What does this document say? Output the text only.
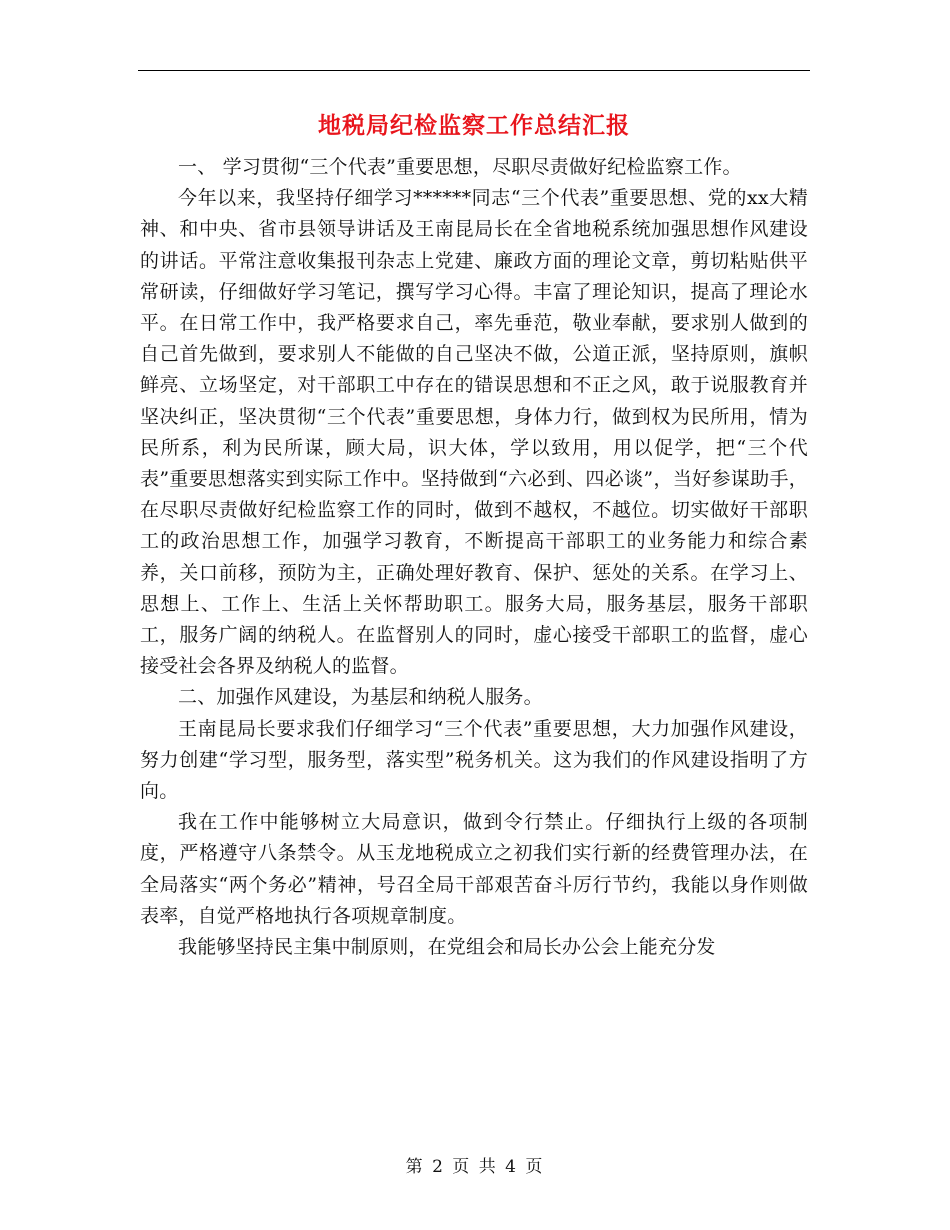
地税局纪检监察工作总结汇报

一、 学习贯彻“三个代表”重要思想，尽职尽责做好纪检监察工作。

今年以来，我坚持仔细学习******同志“三个代表”重要思想、党的xx大精神、和中央、省市县领导讲话及王南昆局长在全省地税系统加强思想作风建设的讲话。平常注意收集报刊杂志上党建、廉政方面的理论文章，剪切粘贴供平常研读，仔细做好学习笔记，撰写学习心得。丰富了理论知识，提高了理论水平。在日常工作中，我严格要求自己，率先垂范，敬业奉献，要求别人做到的自己首先做到，要求别人不能做的自己坚决不做，公道正派，坚持原则，旗帜鲜亮、立场坚定，对干部职工中存在的错误思想和不正之风，敢于说服教育并坚决纠正，坚决贯彻“三个代表”重要思想，身体力行，做到权为民所用，情为民所系，利为民所谋，顾大局，识大体，学以致用，用以促学，把“三个代表”重要思想落实到实际工作中。坚持做到“六必到、四必谈”，当好参谋助手，在尽职尽责做好纪检监察工作的同时，做到不越权，不越位。切实做好干部职工的政治思想工作，加强学习教育，不断提高干部职工的业务能力和综合素养，关口前移，预防为主，正确处理好教育、保护、惩处的关系。在学习上、思想上、工作上、生活上关怀帮助职工。服务大局，服务基层，服务干部职工，服务广阔的纳税人。在监督别人的同时，虚心接受干部职工的监督，虚心接受社会各界及纳税人的监督。

二、加强作风建设，为基层和纳税人服务。

王南昆局长要求我们仔细学习“三个代表”重要思想，大力加强作风建设，努力创建“学习型，服务型，落实型”税务机关。这为我们的作风建设指明了方向。

我在工作中能够树立大局意识，做到令行禁止。仔细执行上级的各项制度，严格遵守八条禁令。从玉龙地税成立之初我们实行新的经费管理办法，在全局落实“两个务必”精神，号召全局干部艰苦奋斗厉行节约，我能以身作则做表率，自觉严格地执行各项规章制度。

我能够坚持民主集中制原则，在党组会和局长办公会上能充分发

第 2 页 共 4 页
